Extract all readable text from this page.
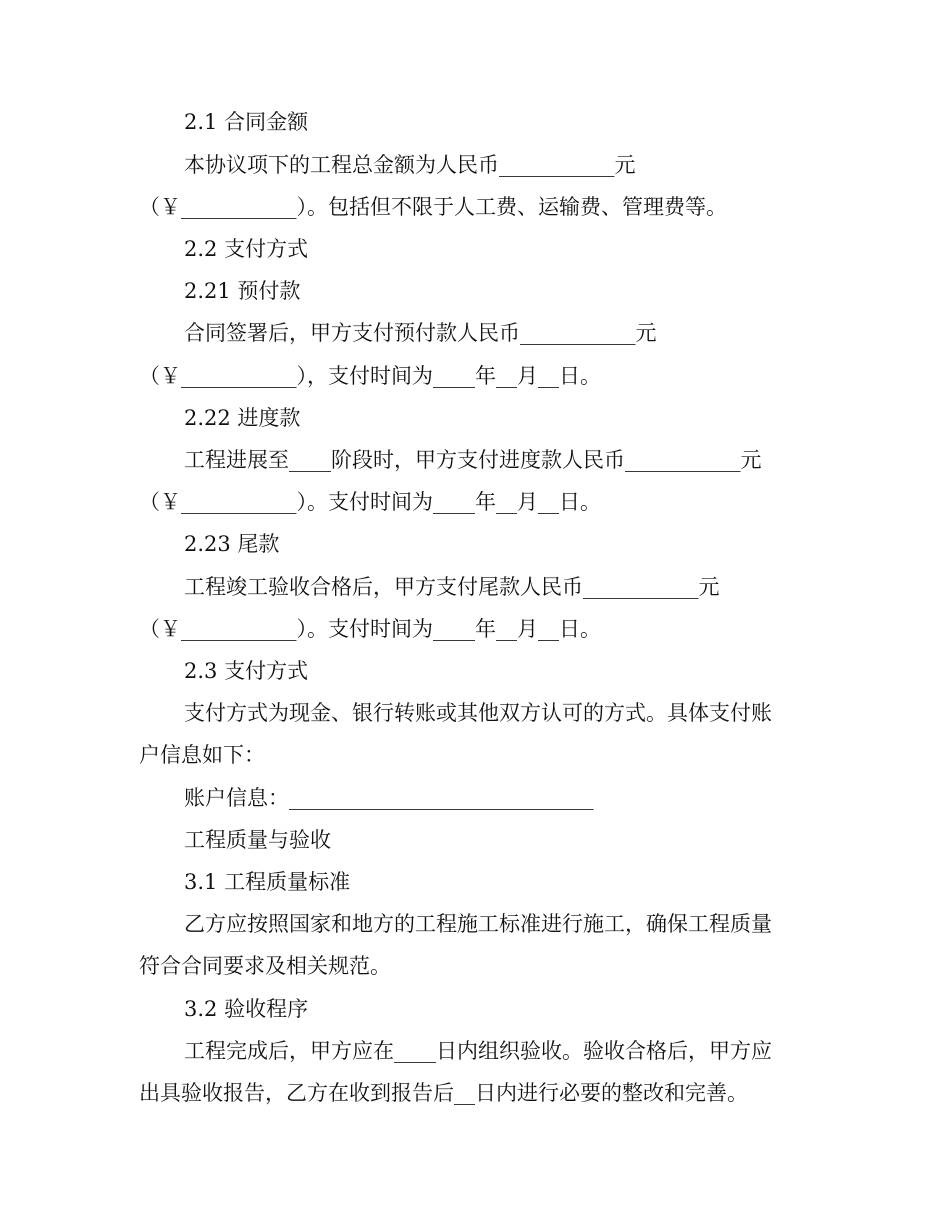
2.1 合同金额
本协议项下的工程总金额为人民币___________元
（￥___________）。包括但不限于人工费、运输费、管理费等。
2.2 支付方式
2.21 预付款
合同签署后，甲方支付预付款人民币___________元
（￥___________），支付时间为____年__月__日。
2.22 进度款
工程进展至____阶段时，甲方支付进度款人民币___________元
（￥___________）。支付时间为____年__月__日。
2.23 尾款
工程竣工验收合格后，甲方支付尾款人民币___________元
（￥___________）。支付时间为____年__月__日。
2.3 支付方式
支付方式为现金、银行转账或其他双方认可的方式。具体支付账
户信息如下：
账户信息：_____________________________
工程质量与验收
3.1 工程质量标准
乙方应按照国家和地方的工程施工标准进行施工，确保工程质量
符合合同要求及相关规范。
3.2 验收程序
工程完成后，甲方应在____日内组织验收。验收合格后，甲方应
出具验收报告，乙方在收到报告后__日内进行必要的整改和完善。
